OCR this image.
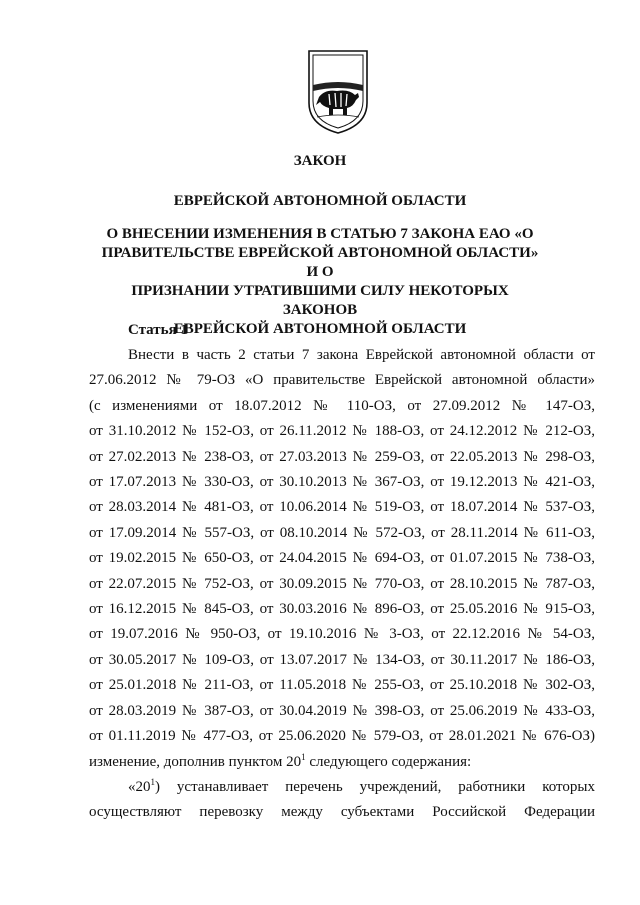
ЗАКОН

ЕВРЕЙСКОЙ АВТОНОМНОЙ ОБЛАСТИ

О ВНЕСЕНИИ ИЗМЕНЕНИЯ В СТАТЬЮ 7 ЗАКОНА ЕАО «О
ПРАВИТЕЛЬСТВЕ ЕВРЕЙСКОЙ АВТОНОМНОЙ ОБЛАСТИ» И О
ПРИЗНАНИИ УТРАТИВШИМИ СИЛУ НЕКОТОРЫХ ЗАКОНОВ
ЕВРЕЙСКОЙ АВТОНОМНОЙ ОБЛАСТИ

Статья 1

Внести в часть 2 статьи 7 закона Еврейской автономной области от

27.06.2012 № 79-ОЗ «О правительстве Еврейской автономной области»

(с изменениями от 18.07.2012 № 110-ОЗ, от 27.09.2012 № 147-ОЗ,

от 31.10.2012 № 152-ОЗ, от 26.11.2012 № 188-ОЗ, от 24.12.2012 № 212-ОЗ,

от 27.02.2013 № 238-ОЗ, от 27.03.2013 № 259-ОЗ, от 22.05.2013 № 298-ОЗ,

от 17.07.2013 № 330-ОЗ, от 30.10.2013 № 367-ОЗ, от 19.12.2013 № 421-ОЗ,

от 28.03.2014 № 481-ОЗ, от 10.06.2014 № 519-ОЗ, от 18.07.2014 № 537-ОЗ,

от 17.09.2014 № 557-ОЗ, от 08.10.2014 № 572-ОЗ, от 28.11.2014 № 611-ОЗ,

от 19.02.2015 № 650-ОЗ, от 24.04.2015 № 694-ОЗ, от 01.07.2015 № 738-ОЗ,

от 22.07.2015 № 752-ОЗ, от 30.09.2015 № 770-ОЗ, от 28.10.2015 № 787-ОЗ,

от 16.12.2015 № 845-ОЗ, от 30.03.2016 № 896-ОЗ, от 25.05.2016 № 915-ОЗ,

от 19.07.2016 № 950-ОЗ, от 19.10.2016 № 3-ОЗ, от 22.12.2016 № 54-ОЗ,

от 30.05.2017 № 109-ОЗ, от 13.07.2017 № 134-ОЗ, от 30.11.2017 № 186-ОЗ,

от 25.01.2018 № 211-ОЗ, от 11.05.2018 № 255-ОЗ, от 25.10.2018 № 302-ОЗ,

от 28.03.2019 № 387-ОЗ, от 30.04.2019 № 398-ОЗ, от 25.06.2019 № 433-ОЗ,

от 01.11.2019 № 477-ОЗ, от 25.06.2020 № 579-ОЗ, от 28.01.2021 № 676-ОЗ)

изменение, дополнив пунктом $20^1$ следующего содержания:

«$20^1$) устанавливает перечень учреждений, работники которых

осуществляют перевозку между субъектами Российской Федерации
